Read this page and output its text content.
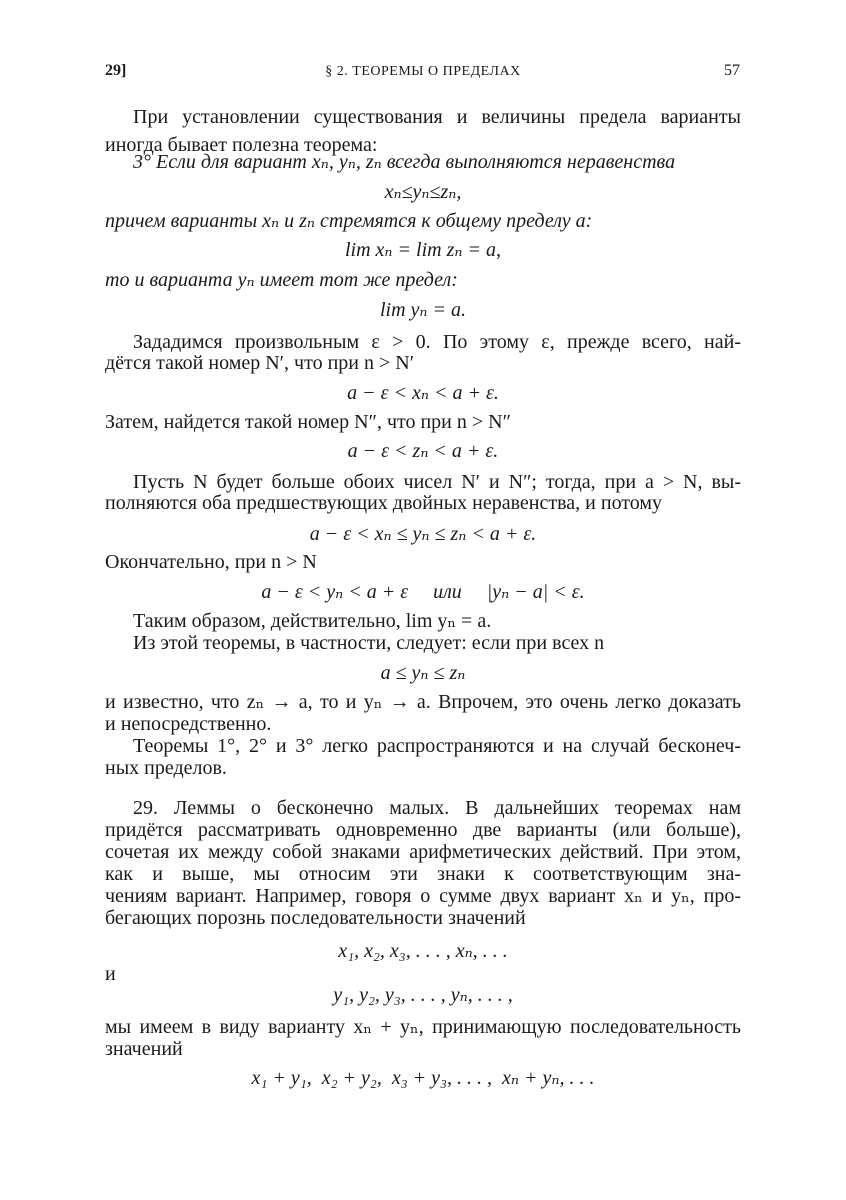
29]	§ 2. ТЕОРЕМЫ О ПРЕДЕЛАХ	57
При установлении существования и величины предела варианты
иногда бывает полезна теорема:
3° Если для вариант xₙ, yₙ, zₙ всегда выполняются неравенства
xₙ≤yₙ≤zₙ,
причем варианты xₙ и zₙ стремятся к общему пределу a:
lim xₙ = lim zₙ = a,
то и варианта yₙ имеет тот же предел:
lim yₙ = a.
Зададимся произвольным ε > 0. По этому ε, прежде всего, най-
дётся такой номер N′, что при n > N′
a − ε < xₙ < a + ε.
Затем, найдется такой номер N″, что при n > N″
a − ε < zₙ < a + ε.
Пусть N будет больше обоих чисел N′ и N″; тогда, при a > N, вы-
полняются оба предшествующих двойных неравенства, и потому
a − ε < xₙ ≤ yₙ ≤ zₙ < a + ε.
Окончательно, при n > N
a − ε < yₙ < a + ε     или     |yₙ − a| < ε.
Таким образом, действительно, lim yₙ = a.
Из этой теоремы, в частности, следует: если при всех n
a ≤ yₙ ≤ zₙ
и известно, что zₙ → a, то и yₙ → a. Впрочем, это очень легко доказать
и непосредственно.
Теоремы 1°, 2° и 3° легко распространяются и на случай бесконеч-
ных пределов.
29. Леммы о бесконечно малых. В дальнейших теоремах нам
придётся рассматривать одновременно две варианты (или больше),
сочетая их между собой знаками арифметических действий. При этом,
как и выше, мы относим эти знаки к соответствующим зна-
чениям вариант. Например, говоря о сумме двух вариант xₙ и yₙ, про-
бегающих порознь последовательности значений
x₁, x₂, x₃, . . . , xₙ, . . .
и
y₁, y₂, y₃, . . . , yₙ, . . . ,
мы имеем в виду варианту xₙ + yₙ, принимающую последовательность
значений
x₁ + y₁,  x₂ + y₂,  x₃ + y₃, . . . ,  xₙ + yₙ, . . .
